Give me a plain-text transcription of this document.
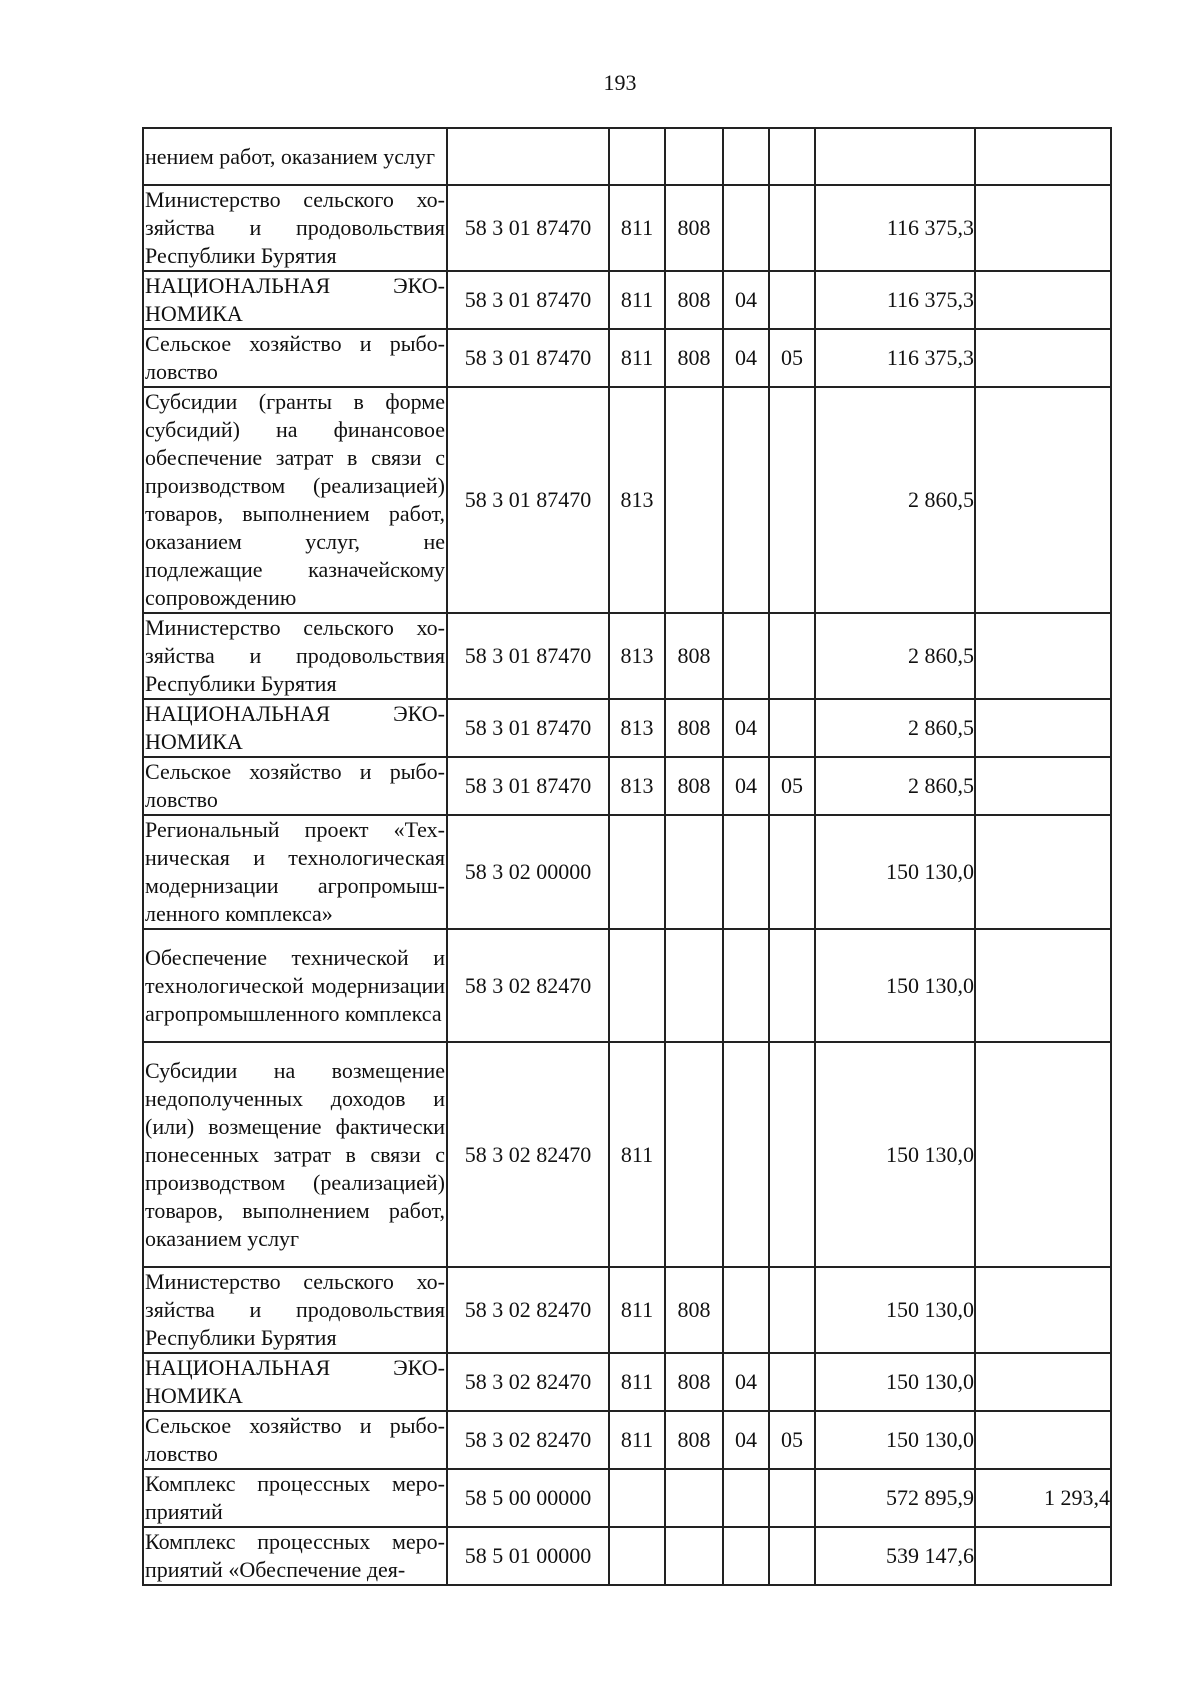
193
нением работ, оказанием услуг							
Министерство сельского хозяйства и продовольствия Республики Бурятия	58 3 01 87470	811	808			116 375,3	
НАЦИОНАЛЬНАЯ ЭКОНОМИКА	58 3 01 87470	811	808	04		116 375,3	
Сельское хозяйство и рыболовство	58 3 01 87470	811	808	04	05	116 375,3	
Субсидии (гранты в форме субсидий) на финансовое обеспечение затрат в связи с производством (реализацией) товаров, выполнением работ, оказанием услуг, не подлежащие казначейскому сопровождению	58 3 01 87470	813				2 860,5	
Министерство сельского хозяйства и продовольствия Республики Бурятия	58 3 01 87470	813	808			2 860,5	
НАЦИОНАЛЬНАЯ ЭКОНОМИКА	58 3 01 87470	813	808	04		2 860,5	
Сельское хозяйство и рыболовство	58 3 01 87470	813	808	04	05	2 860,5	
Региональный проект «Техническая и технологическая модернизации агропромышленного комплекса»	58 3 02 00000					150 130,0	
Обеспечение технической и технологической модернизации агропромышленного комплекса	58 3 02 82470					150 130,0	
Субсидии на возмещение недополученных доходов и (или) возмещение фактически понесенных затрат в связи с производством (реализацией) товаров, выполнением работ, оказанием услуг	58 3 02 82470	811				150 130,0	
Министерство сельского хозяйства и продовольствия Республики Бурятия	58 3 02 82470	811	808			150 130,0	
НАЦИОНАЛЬНАЯ ЭКОНОМИКА	58 3 02 82470	811	808	04		150 130,0	
Сельское хозяйство и рыболовство	58 3 02 82470	811	808	04	05	150 130,0	
Комплекс процессных мероприятий	58 5 00 00000					572 895,9	1 293,4
Комплекс процессных мероприятий «Обеспечение дея-	58 5 01 00000					539 147,6	
